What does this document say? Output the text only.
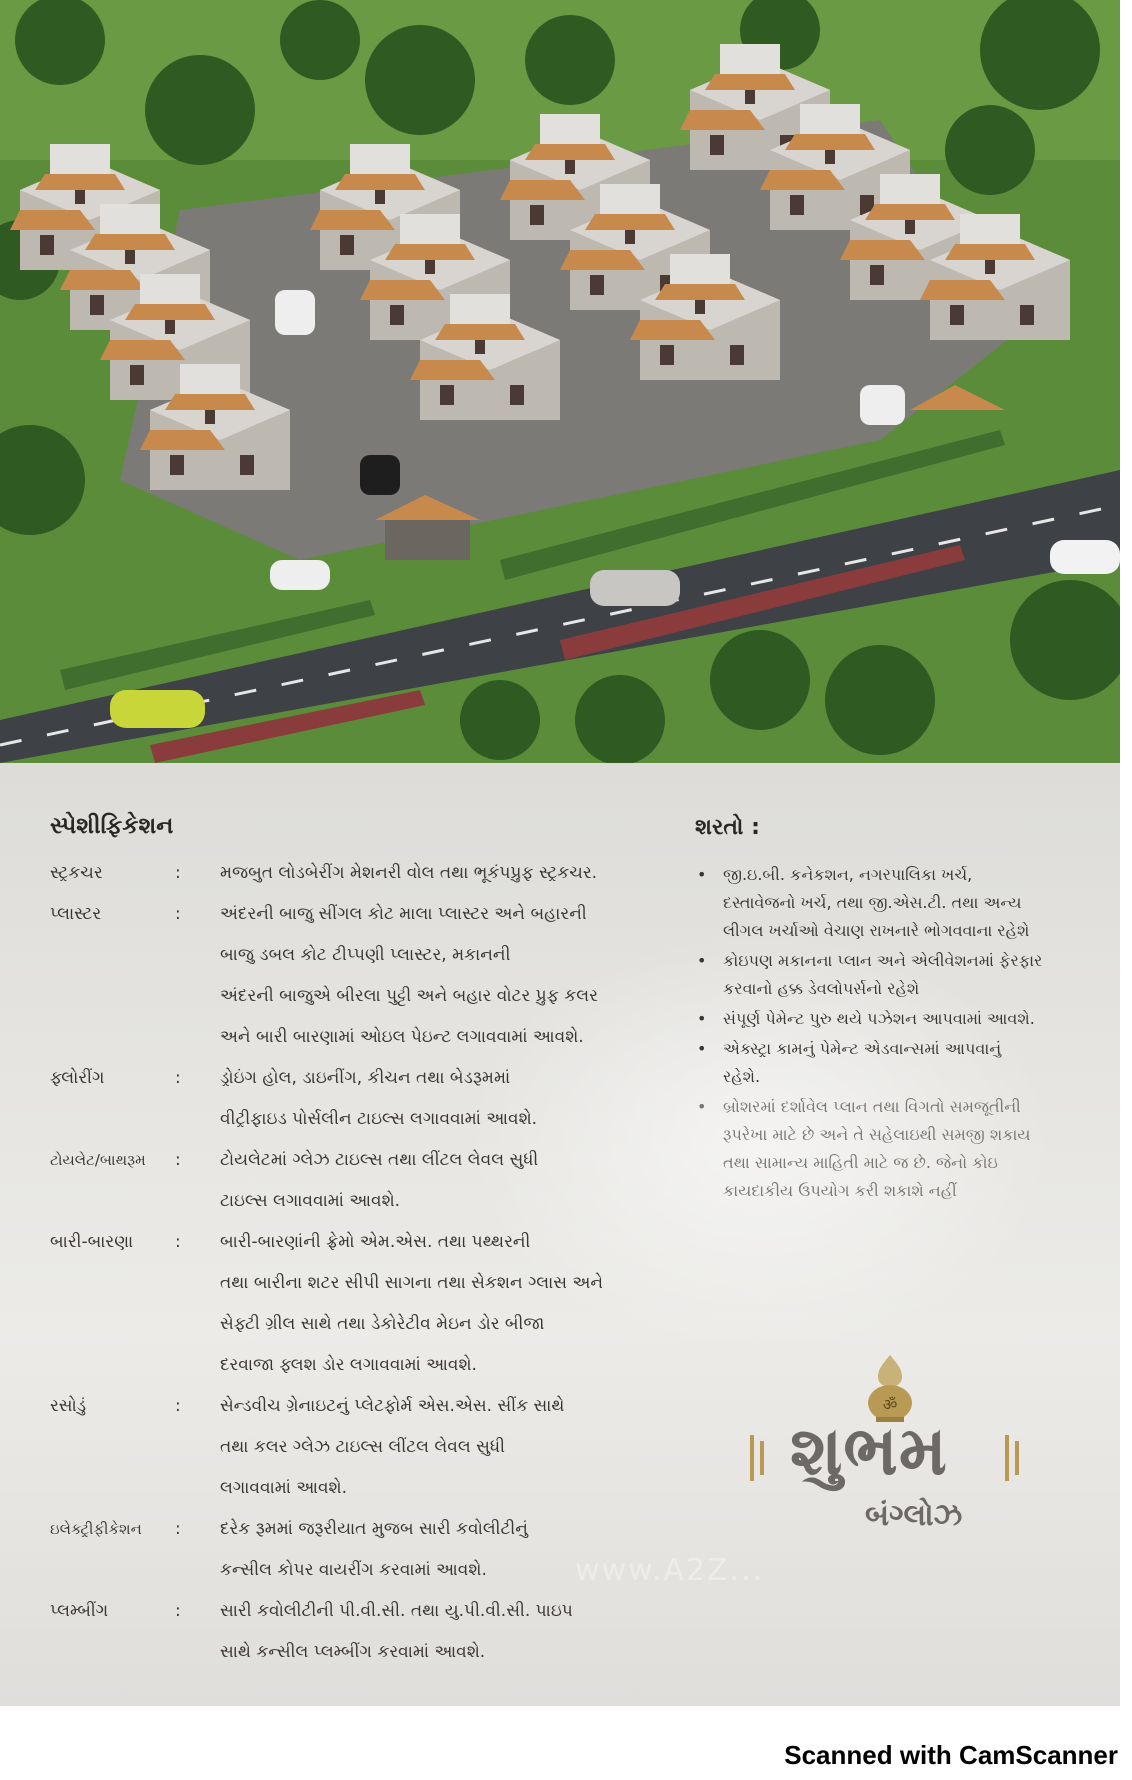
સ્પેશીફિકેશન
સ્ટ્રકચર	: મજબુત લોડબેરીંગ મેશનરી વોલ તથા ભૂકંપપ્રુફ સ્ટ્રકચર.
પ્લાસ્ટર	: અંદરની બાજુ સીંગલ કોટ માલા પ્લાસ્ટર અને બહારની
બાજુ ડબલ કોટ ટીપ્પણી પ્લાસ્ટર, મકાનની
અંદરની બાજુએ બીરલા પુટ્ટી અને બહાર વોટર પ્રુફ કલર
અને બારી બારણામાં ઓઇલ પેઇન્ટ લગાવવામાં આવશે.
ફ્લોરીંગ	: ડ્રોઇંગ હોલ, ડાઇનીંગ, કીચન તથા બેડરૂમમાં
વીટ્રીફાઇડ પોર્સલીન ટાઇલ્સ લગાવવામાં આવશે.
ટોયલેટ/બાથરૂમ	: ટોયલેટમાં ગ્લેઝ ટાઇલ્સ તથા લીંટલ લેવલ સુધી
ટાઇલ્સ લગાવવામાં આવશે.
બારી-બારણા	: બારી-બારણાંની ફ્રેમો એમ.એસ. તથા પથ્થરની
તથા બારીના શટર સીપી સાગના તથા સેકશન ગ્લાસ અને
સેફ્ટી ગ્રીલ સાથે તથા ડેકોરેટીવ મેઇન ડોર બીજા
દરવાજા ફ્લશ ડોર લગાવવામાં આવશે.
રસોડું	: સેન્ડવીચ ગ્રેનાઇટનું પ્લેટફોર્મ એસ.એસ. સીંક સાથે
તથા કલર ગ્લેઝ ટાઇલ્સ લીંટલ લેવલ સુધી
લગાવવામાં આવશે.
ઇલેક્ટ્રીફીકેશન	: દરેક રૂમમાં જરૂરીયાત મુજબ સારી કવોલીટીનું
કન્સીલ કોપર વાયરીંગ કરવામાં આવશે.
પ્લમ્બીંગ	: સારી કવોલીટીની પી.વી.સી. તથા યુ.પી.વી.સી. પાઇપ
સાથે કન્સીલ પ્લમ્બીંગ કરવામાં આવશે.
શરતો :
• જી.ઇ.બી. કનેકશન, નગરપાલિકા ખર્ચ,
દસ્તાવેજનો ખર્ચ, તથા જી.એસ.ટી. તથા અન્ય
લીગલ ખર્ચાઓ વેચાણ રાખનારે ભોગવવાના રહેશે
• કોઇપણ મકાનના પ્લાન અને એલીવેશનમાં ફેરફાર
કરવાનો હક્ક ડેવલોપર્સનો રહેશે
• સંપૂર્ણ પેમેન્ટ પુરુ થયે પઝેશન આપવામાં આવશે.
• એક્સ્ટ્રા કામનું પેમેન્ટ એડવાન્સમાં આપવાનું
રહેશે.
• બ્રોશરમાં દર્શાવેલ પ્લાન તથા વિગતો સમજૂતીની
રૂપરેખા માટે છે અને તે સહેલાઇથી સમજી શકાય
તથા સામાન્ય માહિતી માટે જ છે. જેનો કોઇ
કાયદાકીય ઉપયોગ કરી શકાશે નહીં
ॐ
શુભમ
બંગ્લોઝ
www.A2Z...
Scanned with CamScanner
